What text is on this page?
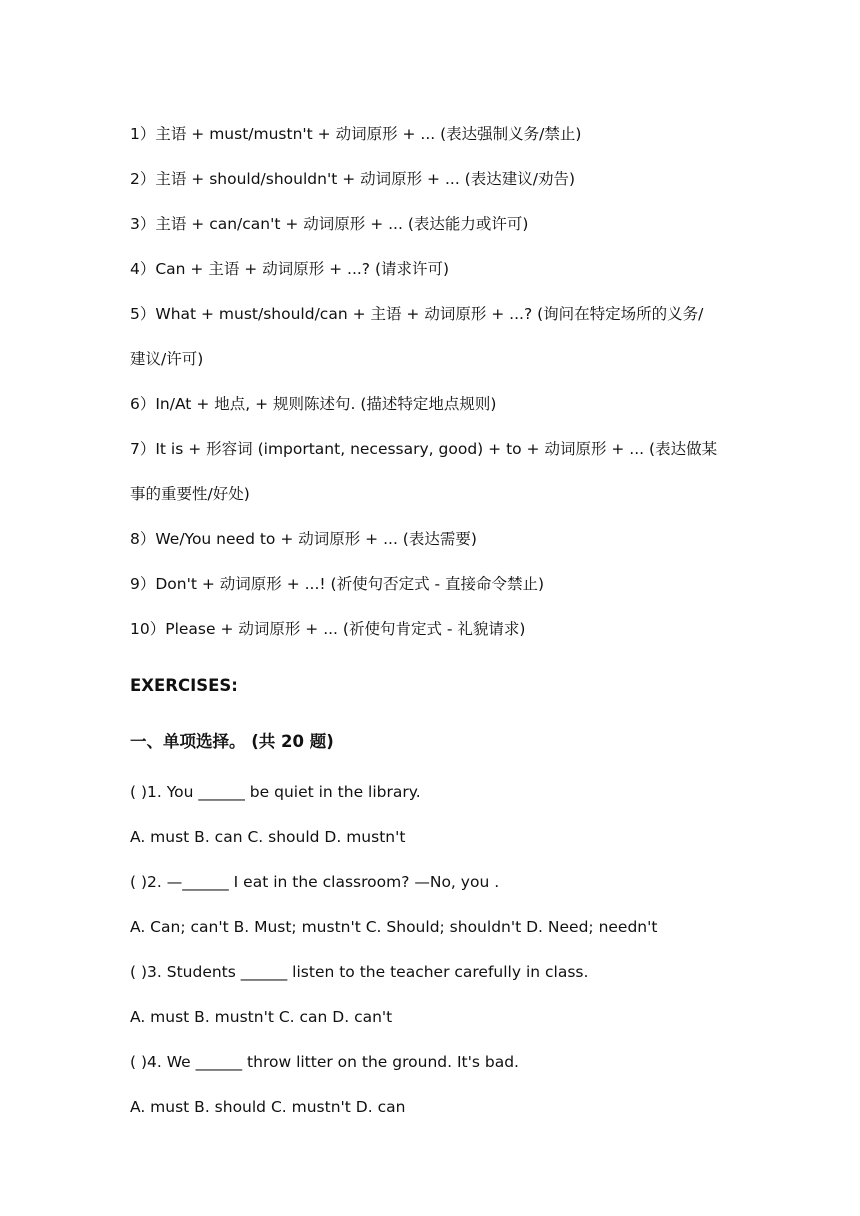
1）主语 + must/mustn't + 动词原形 + ... (表达强制义务/禁止)
2）主语 + should/shouldn't + 动词原形 + ... (表达建议/劝告)
3）主语 + can/can't + 动词原形 + ... (表达能力或许可)
4）Can + 主语 + 动词原形 + ...? (请求许可)
5）What + must/should/can + 主语 + 动词原形 + ...? (询问在特定场所的义务/
建议/许可)
6）In/At + 地点, + 规则陈述句. (描述特定地点规则)
7）It is + 形容词 (important, necessary, good) + to + 动词原形 + ... (表达做某
事的重要性/好处)
8）We/You need to + 动词原形 + ... (表达需要)
9）Don't + 动词原形 + ...! (祈使句否定式 - 直接命令禁止)
10）Please + 动词原形 + ... (祈使句肯定式 - 礼貌请求)
EXERCISES:
一、单项选择。 (共 20 题)
( )1. You ______ be quiet in the library.
A. must B. can C. should D. mustn't
( )2. —______ I eat in the classroom? —No, you .
A. Can; can't B. Must; mustn't C. Should; shouldn't D. Need; needn't
( )3. Students ______ listen to the teacher carefully in class.
A. must B. mustn't C. can D. can't
( )4. We ______ throw litter on the ground. It's bad.
A. must B. should C. mustn't D. can
